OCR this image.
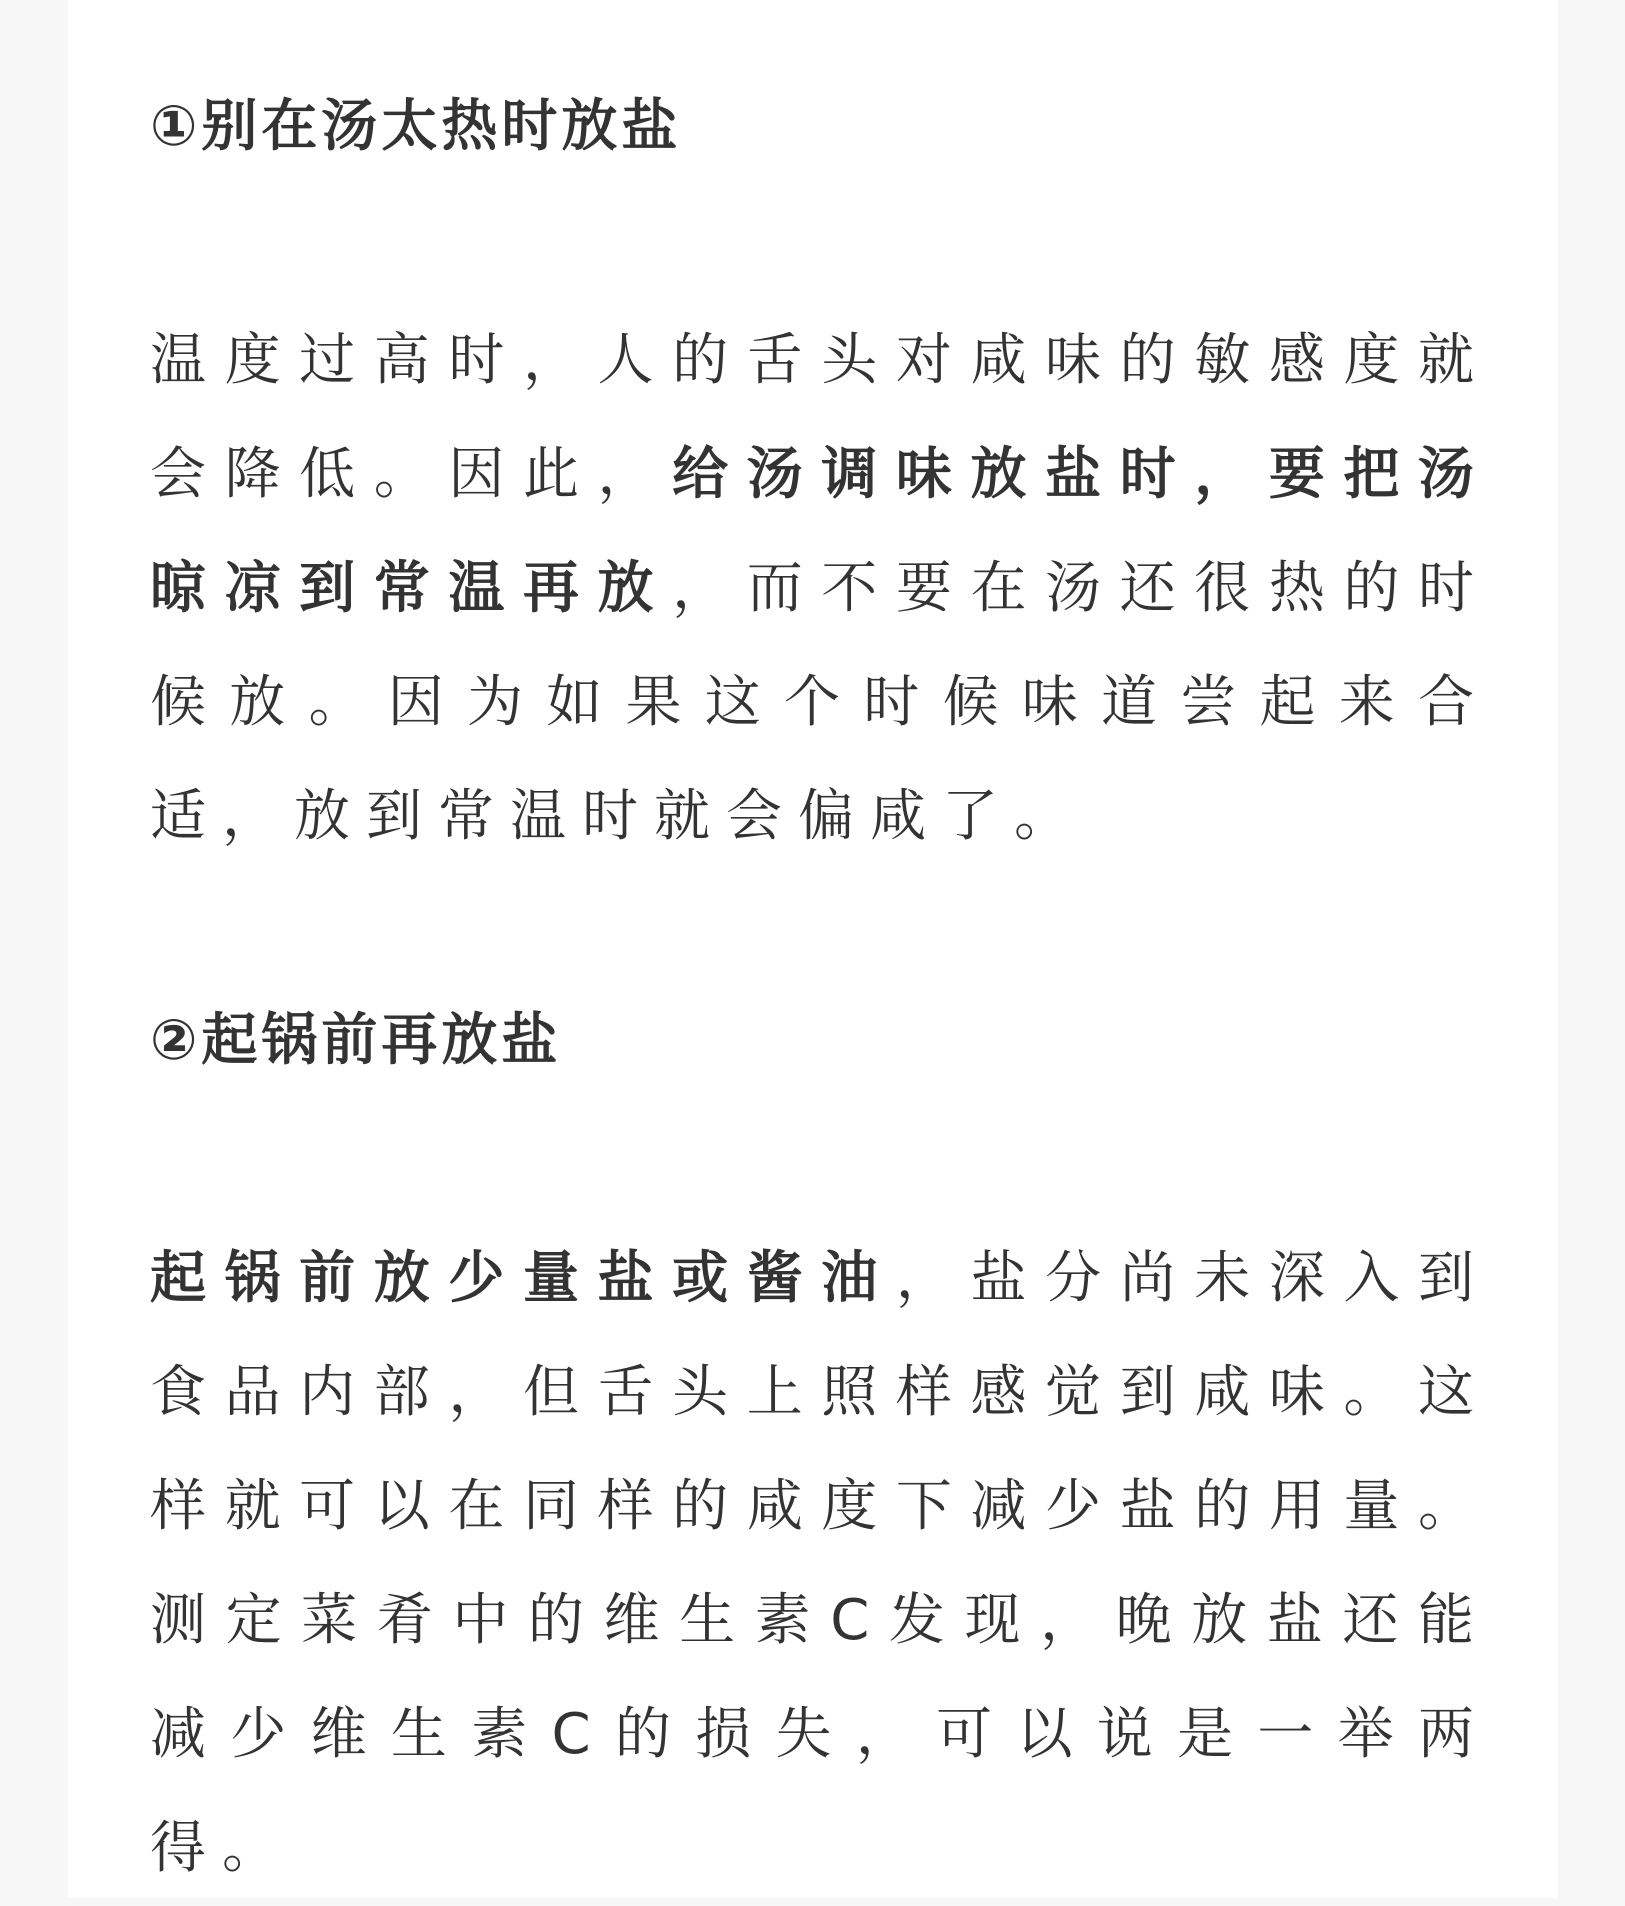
①别在汤太热时放盐

温度过高时，人的舌头对咸味的敏感度就会降低。因此，给汤调味放盐时，要把汤晾凉到常温再放，而不要在汤还很热的时候放。因为如果这个时候味道尝起来合适，放到常温时就会偏咸了。

②起锅前再放盐

起锅前放少量盐或酱油，盐分尚未深入到食品内部，但舌头上照样感觉到咸味。这样就可以在同样的咸度下减少盐的用量。测定菜肴中的维生素C发现，晚放盐还能减少维生素C的损失，可以说是一举两得。
